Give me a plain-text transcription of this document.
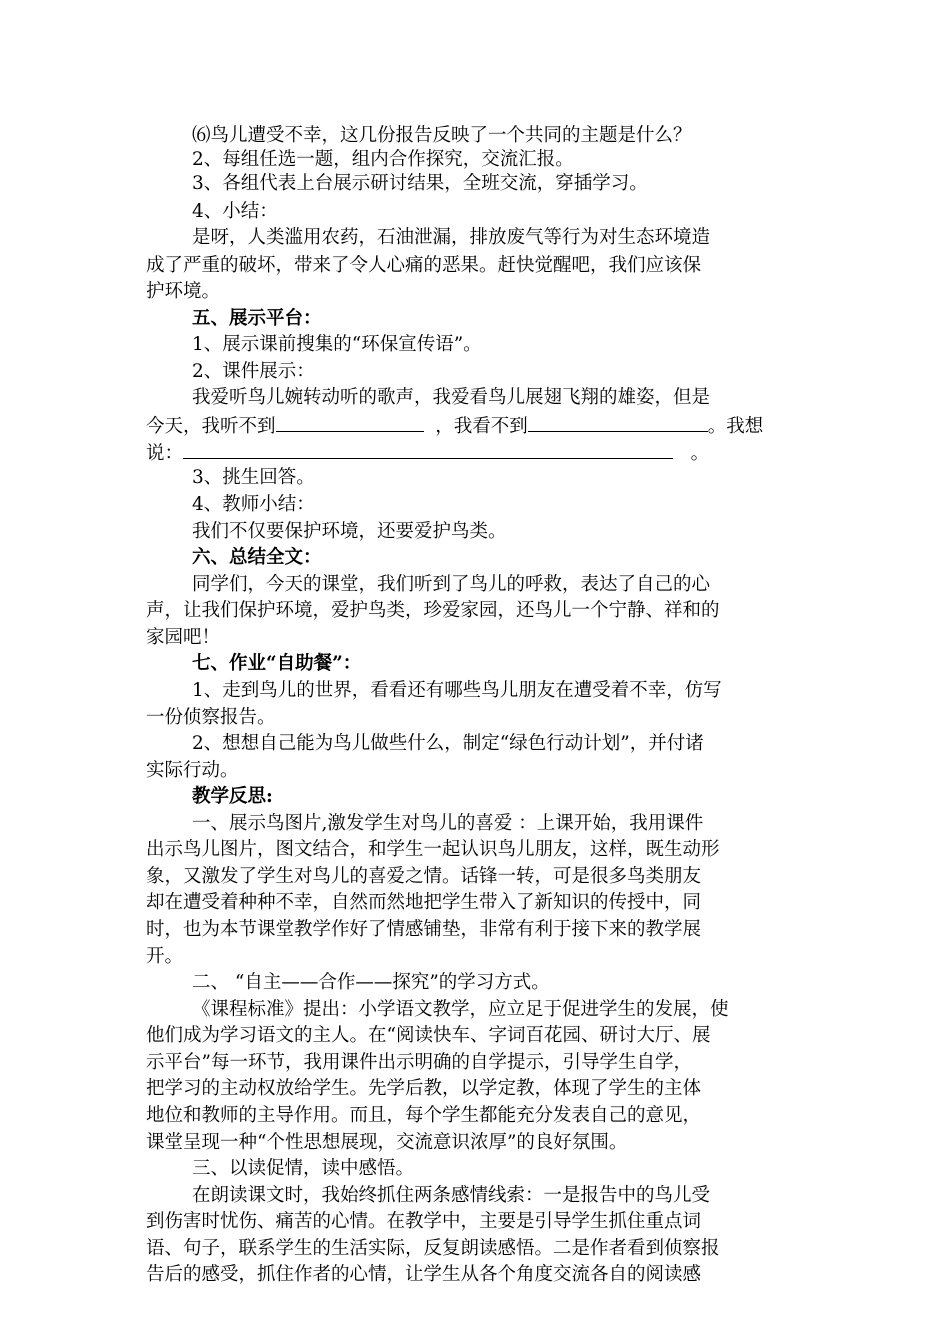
⑹鸟儿遭受不幸，这几份报告反映了一个共同的主题是什么？
2、每组任选一题，组内合作探究，交流汇报。
3、各组代表上台展示研讨结果，全班交流，穿插学习。
4、小结：
是呀，人类滥用农药，石油泄漏，排放废气等行为对生态环境造
成了严重的破坏，带来了令人心痛的恶果。赶快觉醒吧，我们应该保
护环境。
五、展示平台：
1、展示课前搜集的“环保宣传语”。
2、课件展示：
我爱听鸟儿婉转动听的歌声，我爱看鸟儿展翅飞翔的雄姿，但是
今天，我听不到	，我看不到	。我想
说：	。
3、挑生回答。
4、教师小结：
我们不仅要保护环境，还要爱护鸟类。
六、总结全文：
同学们，今天的课堂，我们听到了鸟儿的呼救，表达了自己的心
声，让我们保护环境，爱护鸟类，珍爱家园，还鸟儿一个宁静、祥和的
家园吧！
七、作业“自助餐”：
1、走到鸟儿的世界，看看还有哪些鸟儿朋友在遭受着不幸，仿写
一份侦察报告。
2、想想自己能为鸟儿做些什么，制定“绿色行动计划”，并付诸
实际行动。
教学反思:
一、展示鸟图片,激发学生对鸟儿的喜爱 ：上课开始，我用课件
出示鸟儿图片，图文结合，和学生一起认识鸟儿朋友，这样，既生动形
象，又激发了学生对鸟儿的喜爱之情。话锋一转，可是很多鸟类朋友
却在遭受着种种不幸，自然而然地把学生带入了新知识的传授中，同
时，也为本节课堂教学作好了情感铺垫，非常有利于接下来的教学展
开。
二、 “自主——合作——探究”的学习方式。
《课程标准》提出：小学语文教学，应立足于促进学生的发展，使
他们成为学习语文的主人。在“阅读快车、字词百花园、研讨大厅、展
示平台”每一环节，我用课件出示明确的自学提示，引导学生自学，
把学习的主动权放给学生。先学后教，以学定教，体现了学生的主体
地位和教师的主导作用。而且，每个学生都能充分发表自己的意见，
课堂呈现一种“个性思想展现，交流意识浓厚”的良好氛围。
三、以读促情，读中感悟。
在朗读课文时，我始终抓住两条感情线索：一是报告中的鸟儿受
到伤害时忧伤、痛苦的心情。在教学中，主要是引导学生抓住重点词
语、句子，联系学生的生活实际，反复朗读感悟。二是作者看到侦察报
告后的感受，抓住作者的心情，让学生从各个角度交流各自的阅读感
